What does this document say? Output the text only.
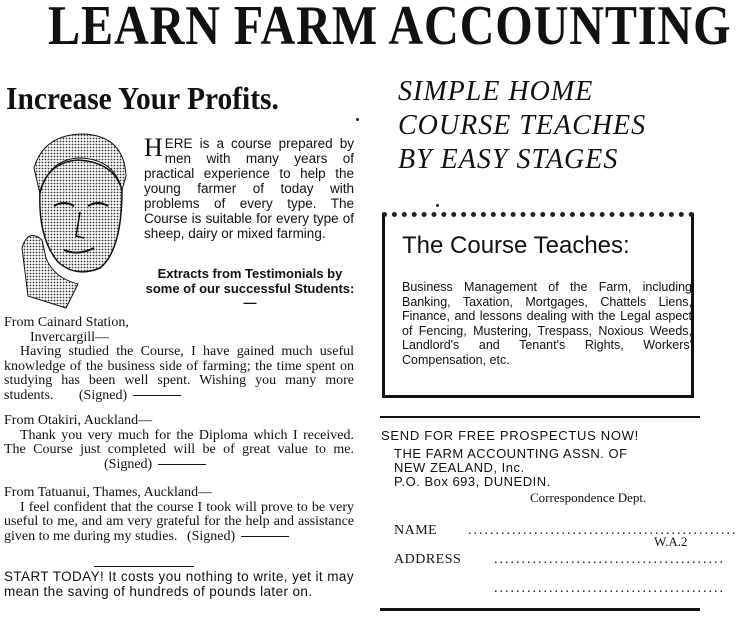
LEARN FARM ACCOUNTING
Increase Your Profits.	SIMPLE HOME
COURSE TEACHES
BY EASY STAGES
HERE is a course prepared by men with many years of practical experience to help the young farmer of today with problems of every type. The Course is suitable for every type of sheep, dairy or mixed farming.
Extracts from Testimonials by some of our successful Students:—
From Cainard Station,
Invercargill—
Having studied the Course, I have gained much useful knowledge of the business side of farming; the time spent on studying has been well spent. Wishing you many more students. (Signed)
From Otakiri, Auckland—
Thank you very much for the Diploma which I received. The Course just completed will be of great value to me. (Signed)
From Tatuanui, Thames, Auckland—
I feel confident that the course I took will prove to be very useful to me, and am very grateful for the help and assistance given to me during my studies. (Signed)
START TODAY! It costs you nothing to write, yet it may mean the saving of hundreds of pounds later on.
The Course Teaches:
Business Management of the Farm, including Banking, Taxation, Mortgages, Chattels Liens, Finance, and lessons dealing with the Legal aspect of Fencing, Mustering, Trespass, Noxious Weeds, Landlord's and Tenant's Rights, Workers' Compensation, etc.
SEND FOR FREE PROSPECTUS NOW!
THE FARM ACCOUNTING ASSN. OF
NEW ZEALAND, Inc.
P.O. Box 693, DUNEDIN.
Correspondence Dept.
NAME .................................................
W.A.2
ADDRESS ..........................................
..........................................
